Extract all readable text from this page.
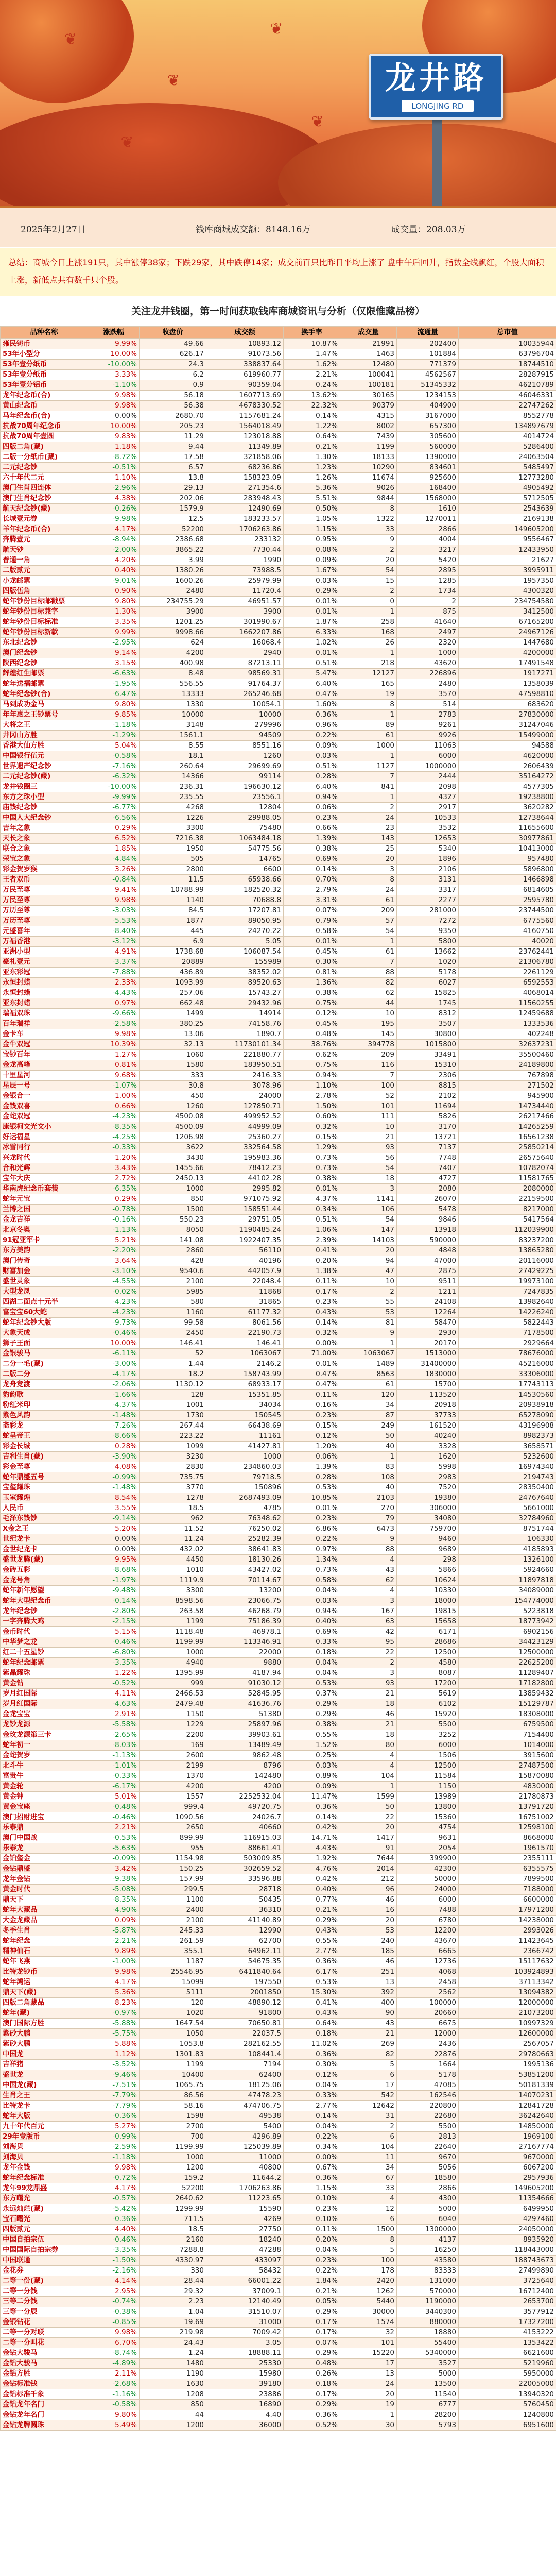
❦
❦
❦
❦
❦
龙井路
LONGJING RD
2025年2月27日	钱库商城成交额：8148.16万	成交量：208.03万
总结：商城今日上涨191只，其中涨停38家；下跌29家，其中跌停14家；成交前百只比昨日平均上涨了 盘中午后回升，指数全线飘红，个股大面积上涨，新低点共有数千只个股。
关注龙井钱圈，第一时间获取钱库商城资讯与分析（仅限惟藏品榜）
品种名称	涨跌幅	收盘价	成交额	换手率	成交量	流通量	总市值
雍民铸币	9.99%	49.66	10893.12	10.87%	21991	202400	10035944
53年小型分	10.00%	626.17	91073.56	1.47%	1463	101884	63796704
53年壹分纸币	-10.00%	24.3	338837.64	1.62%	12480	771379	18744510
53年壹分纸币	3.33%	6.2	619960.77	2.21%	100041	4562567	28287915
53年壹分铝币	-1.10%	0.9	90359.04	0.24%	100181	51345332	46210789
龙年纪念币(合)	9.98%	56.18	1607713.69	13.62%	30165	1234153	46046331
黄山纪念币	9.98%	56.38	4678330.52	22.32%	90379	404900	22747262
马年纪念币(合)	0.00%	2680.70	1157681.24	0.14%	4315	3167000	8552778
抗战70周年纪念币	10.00%	205.23	1564018.49	1.22%	8002	657300	134897679
抗战70周年壹圆	9.83%	11.29	123018.88	0.64%	7439	305600	4014724
四版二角(藏)	1.18%	9.44	11349.89	0.21%	1199	560000	5286400
二版一分纸币(藏)	-8.72%	17.58	321858.06	1.30%	18133	1390000	24063504
二元纪念钞	-0.51%	6.57	68236.86	1.23%	10290	834601	5485497
六十年代二元	1.10%	13.8	158323.09	1.26%	11674	925600	12773280
澳门生肖四连体	-2.96%	29.13	271354.6	5.36%	9026	168400	4905492
澳门生肖纪念钞	4.38%	202.06	283948.43	5.51%	9844	1568000	5712505
航天纪念钞(藏)	-0.26%	1579.9	12490.69	0.50%	8	1610	2543639
长城壹元券	-9.98%	12.5	183233.57	1.05%	1322	1270011	2169138
羊年纪念币(合)	4.17%	52200	1706263.86	1.15%	33	2866	149605200
奔腾壹元	-8.94%	2386.68	233132	0.95%	9	4004	9556467
航天钞	-2.00%	3865.22	7730.44	0.08%	2	3217	12433950
普通一角	4.20%	3.99	1990	0.09%	20	5420	21627
二版贰元	0.40%	1380.26	73988.5	1.67%	54	2895	3995911
小龙邮票	-9.01%	1600.26	25979.99	0.03%	15	1285	1957350
四版伍角	0.90%	2480	11720.4	0.29%	2	1734	4300320
蛇年钞份目标邮戳票	9.80%	234755.29	46951.57	0.01%	0	2	234754580
蛇年钞份目标兼字	1.30%	3900	3900	0.01%	1	875	3412500
蛇年钞份目标标准	3.35%	1201.25	301990.67	1.87%	258	41640	67165200
蛇年钞份目标新款	9.99%	9998.66	1662207.86	6.33%	168	2497	24967126
东北纪念钞	-2.95%	624	16068.4	1.02%	26	2320	1447680
澳门纪念钞	9.14%	4200	2940	0.01%	1	1000	4200000
陕西纪念钞	3.15%	400.98	87213.11	0.51%	218	43620	17491548
辉煌红生邮票	-6.63%	8.48	98569.31	5.47%	12127	226896	1917271
蛇年送福邮票	-1.95%	556.55	91764.37	6.40%	165	2480	1358039
蛇年纪念钞(合)	-6.47%	13333	265246.68	0.47%	19	3570	47598810
马到成功金马	9.80%	1330	10054.1	1.60%	8	514	683620
年年惠之王钞票号	9.85%	10000	10000	0.36%	1	2783	27830000
大将之王	-1.18%	3148	279996	0.96%	89	9261	31247046
井冈山方胜	-1.29%	1561.1	94509	0.22%	61	9926	15499000
香港大仙方胜	5.04%	8.55	8551.16	0.09%	1000	11063	94588
中国银行伍元	-0.58%	18.1	1260	0.03%	1	6000	4620000
世界遗产纪念钞	-7.16%	260.64	29699.69	0.51%	1127	1000000	2606439
二元纪念钞(藏)	-6.32%	14366	99114	0.28%	7	2444	35164272
龙井钱圈三	-10.00%	236.31	196630.12	6.40%	841	2098	4577305
东方之珠小型	-9.99%	235.55	23556.1	0.94%	1	4327	19238800
庙钱纪念钞	-6.77%	4268	12804	0.06%	2	2917	3620282
中国人大纪念钞	-6.56%	1226	29988.05	0.23%	24	10533	12738644
吉年之象	0.29%	3300	75480	0.66%	23	3532	11655600
天长之象	6.52%	7216.38	1063484.18	1.39%	143	12653	30977861
联合之象	1.85%	1950	54775.56	0.38%	25	5340	10413000
荣宝之象	-4.84%	505	14765	0.69%	20	1896	957480
彩金贺岁猴	3.26%	2800	6600	0.14%	3	2106	5896800
王者双币	-0.84%	11.5	65938.66	0.70%	8	3131	1466898
万民至尊	9.41%	10788.99	182520.32	2.79%	24	3317	6814605
万民至尊	9.98%	1140	70688.8	3.31%	61	2277	2595780
万历至尊	-3.03%	84.5	17207.81	0.07%	209	281000	23744500
万历至尊	-5.53%	1877	89050.95	0.79%	57	7272	6775560
元盛喜年	-8.40%	445	24270.22	0.58%	54	9350	4160750
万福香港	-3.12%	6.9	5.05	0.01%	1	5800	40020
亚洲小型	4.91%	1738.68	106087.54	0.45%	61	13662	23762441
豪礼壹元	-3.37%	20889	155989	0.30%	7	1020	21306780
亚东彩冠	-7.88%	436.89	38352.02	0.81%	88	5178	2261129
永恒封蜡	2.33%	1093.99	89520.63	1.36%	82	6027	6592553
永恒封蜡	-4.43%	257.06	15743.27	0.38%	62	15825	4068014
亚东封蜡	0.97%	662.48	29432.96	0.75%	44	1745	11560255
瑞福双珠	-9.66%	1499	14914	0.12%	10	8312	12459688
百年瑞祥	-2.58%	380.25	74158.76	0.45%	195	3507	1333536
金卡车	9.98%	13.06	1890.7	0.48%	145	30800	402248
金牛双冠	10.39%	32.13	11730101.34	38.76%	394778	1015800	32637231
宝钞百年	1.27%	1060	221880.77	0.62%	209	33491	35500460
金龙高峰	0.81%	1580	183950.51	0.75%	116	15310	24189800
十里星河	9.68%	333	2416.33	0.94%	7	2306	767898
星辰一号	-1.07%	30.8	3078.96	1.10%	100	8815	271502
金银合一	1.00%	450	24000	2.78%	52	2102	945900
金钱双喜	0.66%	1260	127850.71	1.50%	101	11694	14734440
金蛇双冠	-4.23%	4500.08	499952.52	0.60%	111	5826	26217466
康银柯文光文小	-8.35%	4500.09	44999.09	0.32%	10	3170	14265259
好运福星	-4.25%	1206.98	25360.27	0.15%	21	13721	16561238
冰雪同行	-0.33%	3622	332564.58	1.29%	93	7137	25850214
兴龙时代	1.20%	3430	195983.36	0.73%	56	7748	26575640
合和光辉	3.43%	1455.66	78412.23	0.73%	54	7407	10782074
宝年大庆	2.72%	2450.13	44102.28	0.38%	18	4727	11581765
华南虎纪念币套装	-6.35%	1000	2995.82	0.01%	3	2080	2080000
蛇年元宝	0.29%	850	971075.92	4.37%	1141	26070	22159500
兰博之国	-0.78%	1500	158551.44	0.34%	106	5478	8217000
金龙吉祥	-0.16%	550.23	29751.05	0.51%	54	9846	5417564
北京冬奥	-1.13%	8050	1190485.24	1.06%	147	13918	112039900
91冠亚军卡	5.21%	141.08	1922407.35	2.39%	14103	590000	83237200
东方美韵	-2.20%	2860	56110	0.41%	20	4848	13865280
澳门传奇	3.64%	428	40196	0.20%	94	47000	20116000
财富加金	-3.10%	9540.6	442057.9	1.38%	47	2875	27429225
盛世灵象	-4.55%	2100	22048.4	0.11%	10	9511	19973100
大型龙凤	-0.02%	5985	11868	0.17%	2	1211	7247835
西湖二面点十元半	-4.23%	580	31865	0.23%	55	24108	13982640
富宝宝60大蛇	-4.23%	1160	61177.32	0.43%	53	12264	14226240
蛇年纪念钞大版	-9.73%	99.58	8061.56	0.14%	81	58470	5822443
大象天成	-0.46%	2450	22190.73	0.32%	9	2930	7178500
狮子王面	10.00%	146.41	146.41	0.00%	1	20170	2929664
金银骏马	-6.11%	52	1063067	71.00%	1063067	1513000	78676000
二分一毛(藏)	-3.00%	1.44	2146.2	0.01%	1489	31400000	45216000
二版二分	-4.17%	18.2	158743.99	0.47%	8563	1830000	33306000
龙舟竞渡	-2.06%	1130.12	68933.17	0.47%	61	15700	17743113
豹韵歌	-1.66%	128	15351.85	0.11%	120	113520	14530560
粉红米印	-4.37%	1001	34034	0.16%	34	20918	20938918
紫色风韵	-1.48%	1730	150545	0.23%	87	37733	65278090
斋彩龙	-7.26%	267.44	66438.69	0.15%	249	161520	43196908
蛇呈帝王	-8.66%	223.22	11161	0.12%	50	40240	8982373
彩金长城	0.28%	1099	41427.81	1.20%	40	3328	3658571
吉利生肖(藏)	-3.90%	3230	1000	0.06%	1	1620	5232600
彩金至尊	4.08%	2830	234860.03	1.39%	83	5998	16974340
蛇年鼎盛五号	-0.99%	735.75	79718.5	0.28%	108	2983	2194743
宝玺耀珠	-1.48%	3770	150896	0.53%	40	7520	28350400
玉室耀煌	8.54%	1278	2687493.09	10.85%	2103	19380	24767640
人民币	3.55%	18.5	4785	0.01%	270	306000	5661000
毛泽东钱钞	-9.14%	962	76348.62	0.23%	79	34080	32784960
X金之王	5.20%	11.52	76250.02	6.86%	6473	759700	8751744
世纪龙卡	0.00%	11.24	25282.39	0.22%	9	9460	106330
金世纪龙卡	0.00%	432.02	38641.83	0.97%	88	9689	4185893
盛世龙腾(藏)	9.95%	4450	18130.26	1.34%	4	298	1326100
金砖五彩	-8.68%	1010	43427.02	0.73%	43	5866	5924660
金龙号角	-1.97%	1119.9	70114.67	0.58%	62	10624	11897818
蛇年新年愿望	-9.48%	3300	13200	0.04%	4	10330	34089000
蛇年大型纪念币	-0.14%	8598.56	23066.75	0.03%	3	18000	154774000
龙年纪念钞	-2.80%	263.58	46268.79	0.94%	167	19815	5223818
一字奔腾大鸡	-2.15%	1199	75186.39	0.40%	63	15658	18773942
金币时代	5.15%	1118.48	46978.1	0.69%	42	6171	6902156
中华梦之龙	-0.46%	1199.99	113346.91	0.33%	95	28686	34423129
红二十五星钞	-6.80%	1000	22000	0.18%	22	12500	12500000
蛇年纪念邮票	-3.35%	4940	9880	0.04%	2	4580	22625200
紫晶耀珠	1.22%	1395.99	4187.94	0.04%	3	8087	11289407
黄金钻	-0.52%	999	91030.12	0.53%	93	17200	17182800
岁月红国际	4.11%	2466.53	52845.95	0.37%	21	5619	13859432
岁月红国际	-4.63%	2479.48	41636.76	0.29%	18	6102	15129787
金龙宝宝	2.91%	1150	51380	0.29%	46	15920	18308000
龙钞龙源	-5.58%	1229	25897.96	0.38%	21	5500	6759500
金玫龙源第三卡	-2.65%	2200	39903.61	0.55%	18	3252	7154400
蛇年初一	-8.03%	169	13489.49	1.52%	80	6000	1014000
金蛇贺岁	-1.13%	2600	9862.48	0.25%	4	1506	3915600
北斗牛	-1.01%	2199	8796	0.03%	4	12500	27487500
富贵牛	-0.33%	1370	142480	0.89%	104	11584	15870080
黄金轮	-6.17%	4200	4200	0.09%	1	1150	4830000
黄金钟	5.01%	1557	2252532.04	11.47%	1599	13989	21780873
黄金宝座	-0.48%	999.4	49720.75	0.36%	50	13800	13791720
澳门招财进宝	-0.46%	1090.56	24026.7	0.14%	22	15360	16751002
乐泰鼎	2.21%	2650	40660	0.42%	20	4754	12598100
澳门中国战	-0.53%	899.99	116915.03	14.71%	1417	9631	8668000
乐泰龙	-5.63%	955	88661.41	4.43%	91	2054	1961570
金铂玺金	-0.09%	1154.98	503009.85	1.92%	7644	399900	2355111
金钻鼎盛	3.42%	150.25	302659.52	4.76%	2014	42300	6355575
龙年金钻	-9.38%	157.99	33596.88	0.42%	212	50000	7899500
黄金时代	-5.08%	299.5	28718	0.40%	96	24000	7188000
鼎天下	-8.35%	1100	50435	0.77%	46	6000	6600000
蛇年大藏品	-4.90%	2400	36310	0.21%	16	7488	17971200
大金龙藏品	0.09%	2100	41140.89	0.29%	20	6780	14238000
冬季生肖	-5.87%	245.33	12990	0.43%	53	12200	2993026
蛇年纪念	-2.21%	261.59	62700	0.55%	240	43670	11423645
精神仙石	9.89%	355.1	64962.11	2.77%	185	6665	2366742
蛇年飞燕	-1.00%	1187	54675.35	0.36%	46	12736	15117632
比特龙钞币	9.98%	25546.95	6411840.64	6.17%	251	4068	103924893
蛇年鸿运	4.17%	15099	197550	0.53%	13	2458	37113342
鼎天下(藏)	5.36%	5111	2001850	15.30%	392	2562	13094382
四版二角藏品	8.23%	120	48890.12	0.41%	400	100000	12000000
蛇年(藏)	-0.97%	1020	91800	0.43%	90	20660	21073200
澳门国际方胜	-5.88%	1647.54	70650.81	0.64%	43	6675	10997329
紫砂大鹏	-5.75%	1050	22037.5	0.18%	21	12000	12600000
紫砂大鹏	5.88%	1053.8	282162.55	11.02%	269	2436	2567057
中国龙	1.12%	1301.83	108441.4	0.36%	82	22876	29780663
吉祥猪	-3.52%	1199	7194	0.30%	5	1664	1995136
盛世龙	-9.46%	10400	62400	0.12%	6	5178	53851200
中国龙(藏)	-7.51%	1065.75	18125.06	0.04%	17	47085	50181339
生肖之王	-7.79%	86.56	47478.23	0.33%	542	162546	14070231
比特龙卡	-7.79%	58.16	474706.75	2.77%	12642	220800	12841728
蛇年大版	-0.36%	1598	49538	0.14%	31	22680	36242640
九十年代百元	5.27%	2700	5400	0.04%	2	5500	14850000
29年壹版币	-0.99%	700	4296.89	0.22%	6	2813	1969100
刘海贝	-2.59%	1199.99	125039.89	0.34%	104	22640	27167774
刘海贝	-1.18%	1000	11000	0.00%	11	9670	9670000
龙年金钱	9.98%	1200	40800	0.67%	34	5056	6067200
蛇年纪念标准	-0.72%	159.2	11644.2	0.36%	67	18580	2957936
龙年99龙鼎盛	4.17%	52200	1706263.86	1.15%	33	2866	149605200
东方曙光	-0.57%	2640.62	11223.65	0.10%	4	4300	11354666
永远灿烂(藏)	-5.42%	1299.99	15590	0.23%	12	5000	6499950
宝石曙光	-0.36%	711.5	4269	0.10%	6	6040	4297460
四版贰元	4.40%	18.5	27750	0.11%	1500	1300000	24050000
中国自拍宗伍	-0.46%	2160	18240	0.20%	8	4137	8935920
中国国际自拍宗券	-3.35%	7288.8	47288	0.04%	5	16250	118443000
中国联通	-1.50%	4330.97	433097	0.23%	100	43580	188743673
金花券	-2.16%	330	58432	0.22%	178	83333	27499890
二等一份(藏)	4.14%	28.44	66001.22	1.84%	2420	131000	3725640
二等一分钱	2.95%	29.32	37009.1	0.21%	1262	570000	16712400
三等二分钱	-0.74%	2.23	12140.49	0.05%	5440	1190000	2653700
三等一分辰	-0.38%	1.04	31510.07	0.29%	30000	3440300	3577912
金银钻花	-0.85%	19.69	31000	0.17%	1574	880000	17327200
二等一分对联	9.98%	219.98	7009.42	0.17%	32	18880	4153222
二等一分叫花	6.70%	24.43	3.05	0.07%	101	55400	1353422
金钻大骏马	-8.74%	1.24	18888.11	0.29%	15220	5340000	6621600
金钻大骏马	-4.89%	1480	25330	0.48%	17	3527	5219960
金钻方胜	2.11%	1190	15980	0.26%	13	5000	5950000
金钻标准钱	-2.68%	1630	39180	0.18%	24	13500	22005000
金钻标准千象	-1.16%	1208	23886	0.17%	20	11540	13940320
金钻龙年名门	-0.58%	850	16890	0.29%	19	6777	5760450
金钻龙年名门	9.80%	44	4.40	0.36%	1	28200	1240800
金钻龙牌圆珠	5.49%	1200	36000	0.52%	30	5793	6951600
